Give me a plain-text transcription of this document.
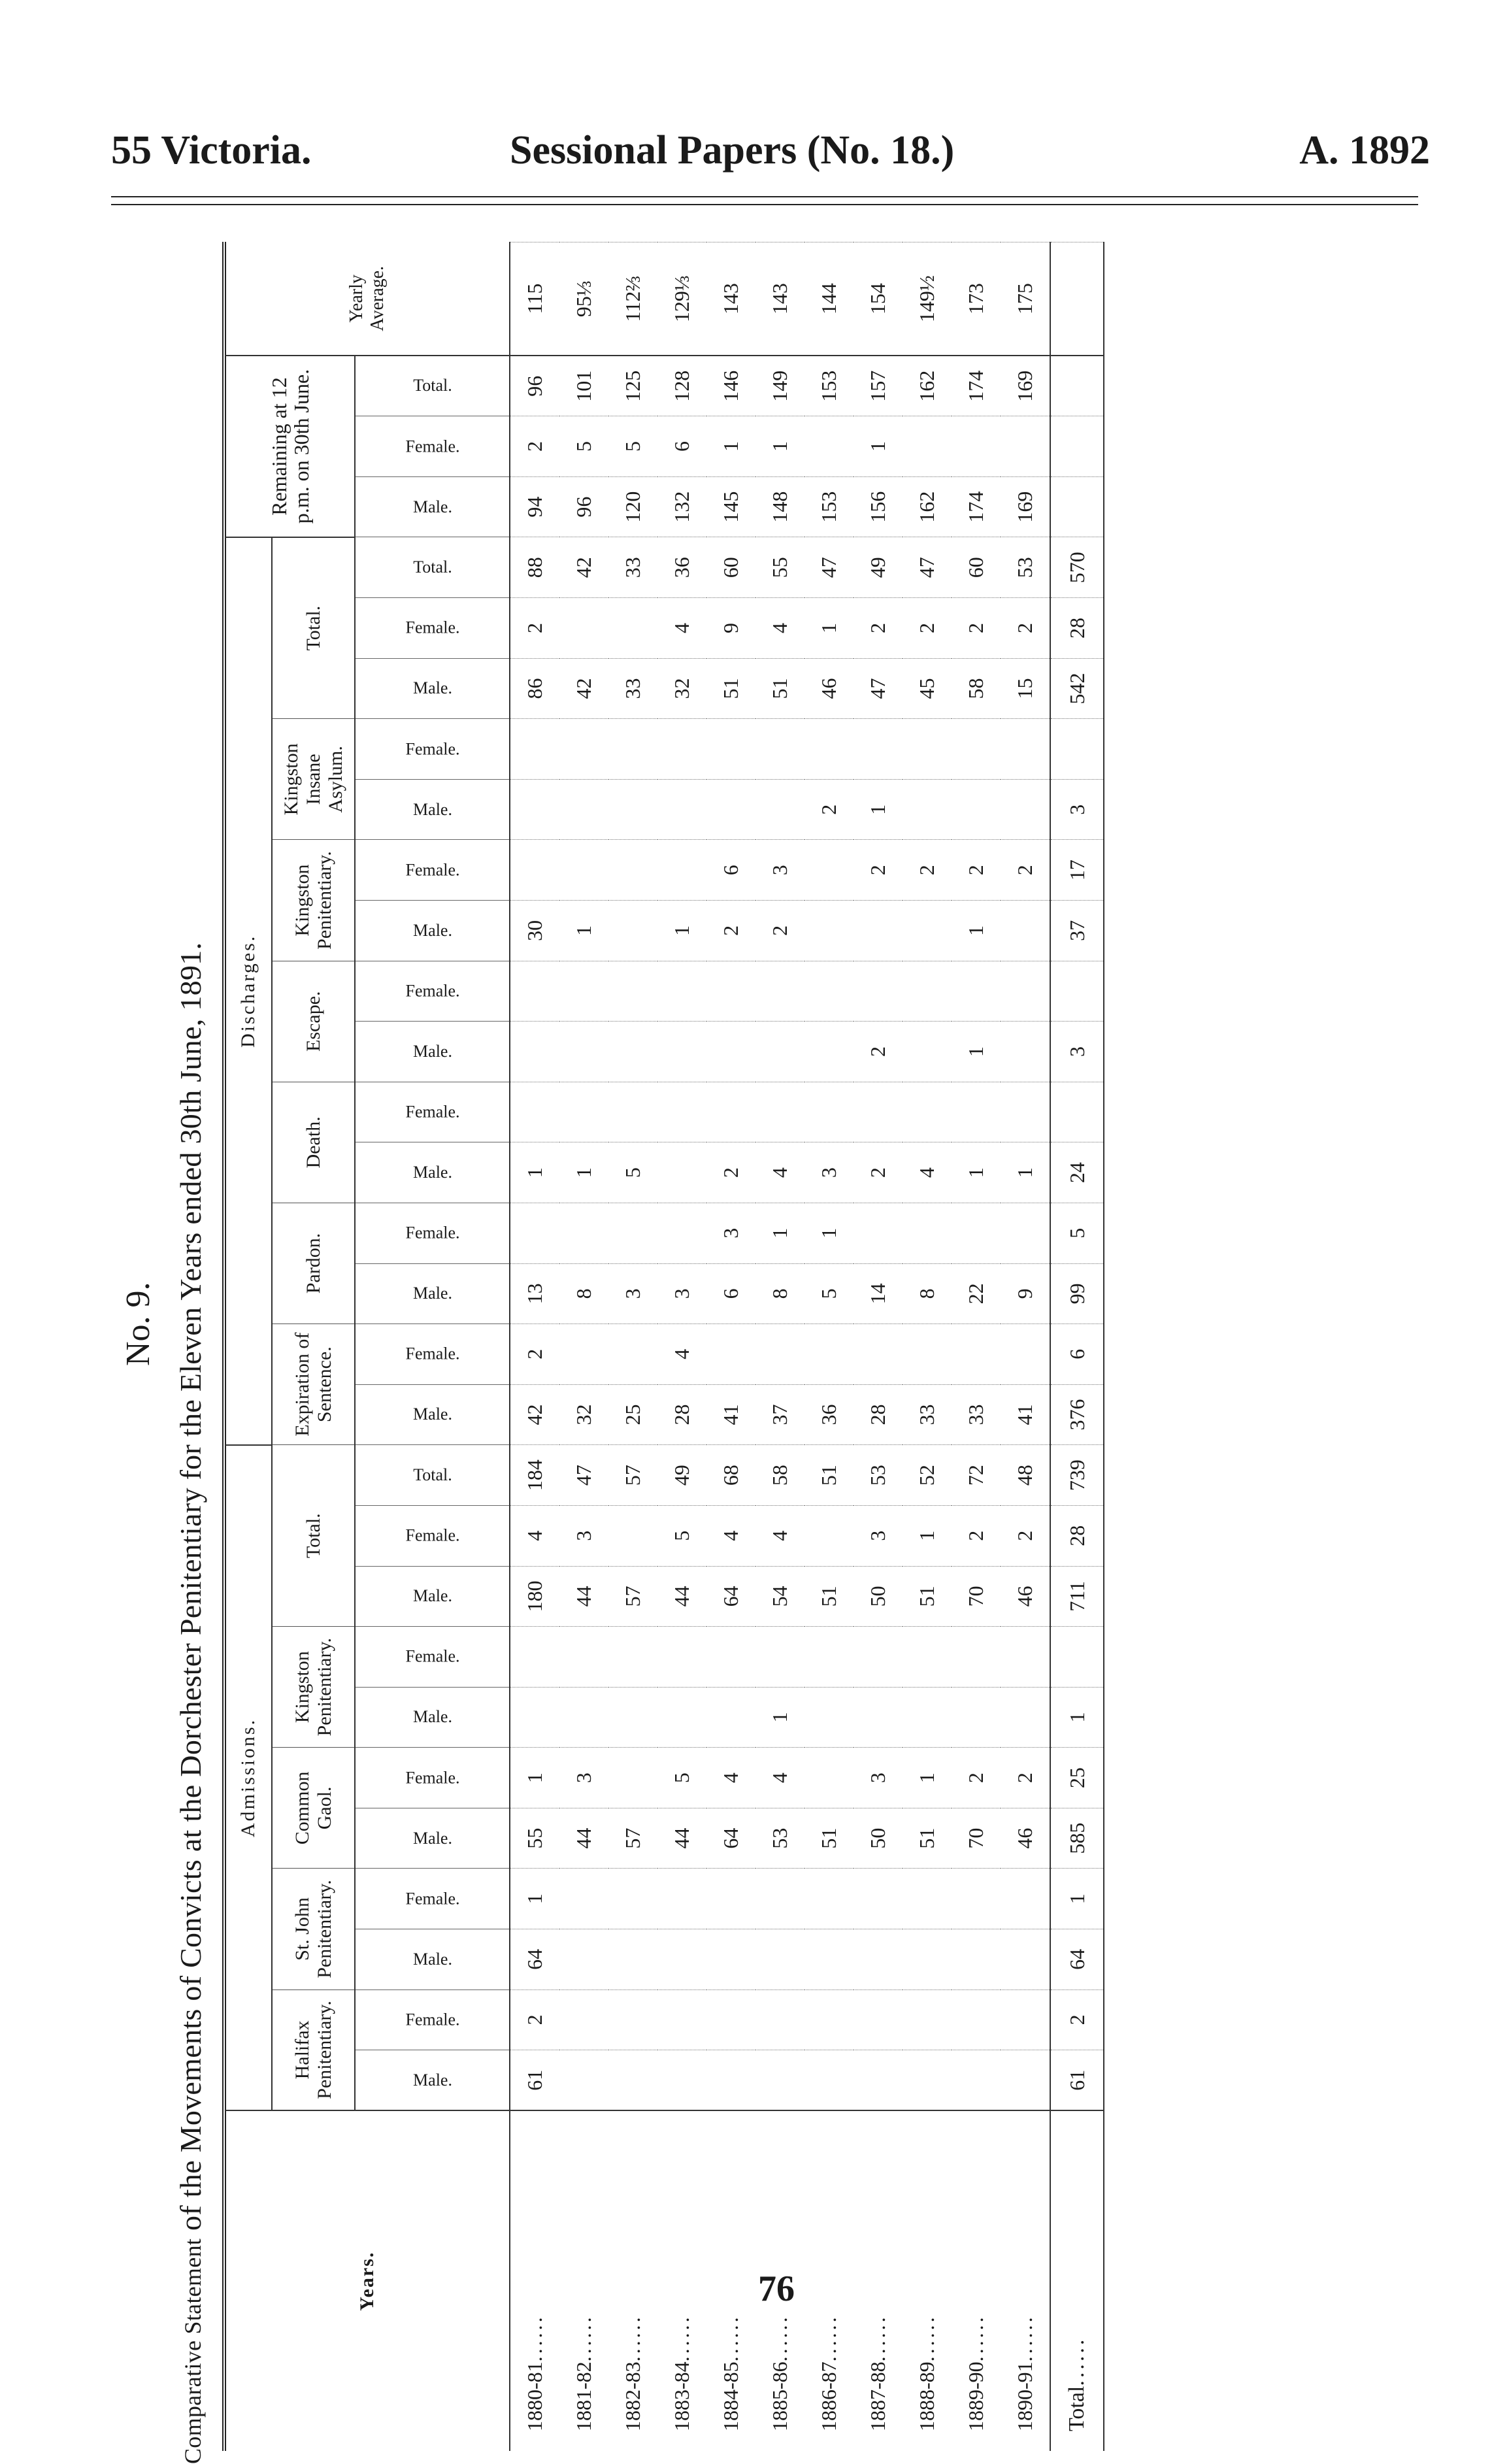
55 Victoria.	Sessional Papers (No. 18.)	A. 1892
No. 9.
Comparative Statement of the Movements of Convicts at the Dorchester Penitentiary for the Eleven Years ended 30th June, 1891.
Years.	Admissions.											Discharges.															Remaining at 12 p.m. on 30th June.			Yearly Average.
	Halifax Penitentiary.		St. John Penitentiary.		Common Gaol.		Kingston Penitentiary.		Total.			Expiration of Sentence.		Pardon.		Death.		Escape.		Kingston Penitentiary.		Kingston Insane Asylum.		Total.						
	Male.	Female.	Male.	Female.	Male.	Female.	Male.	Female.	Male.	Female.	Total.	Male.	Female.	Male.	Female.	Male.	Female.	Male.	Female.	Male.	Female.	Male.	Female.	Male.	Female.	Total.	Male.	Female.	Total.	
1880-81......	61	2	64	1	55	1			180	4	184	42	2	13		1				30				86	2	88	94	2	96	115
1881-82......					44	3			44	3	47	32		8		1				1				42		42	96	5	101	95⅓
1882-83......					57				57		57	25		3		5								33		33	120	5	125	112⅔
1883-84......					44	5			44	5	49	28	4	3						1				32	4	36	132	6	128	129⅓
1884-85......					64	4			64	4	68	41		6	3	2				2	6			51	9	60	145	1	146	143
1885-86......					53	4	1		54	4	58	37		8	1	4				2	3			51	4	55	148	1	149	143
1886-87......					51				51		51	36		5	1	3						2		46	1	47	153		153	144
1887-88......					50	3			50	3	53	28		14		2		2			2	1		47	2	49	156	1	157	154
1888-89......					51	1			51	1	52	33		8		4					2			45	2	47	162		162	149½
1889-90......					70	2			70	2	72	33		22		1		1		1	2			58	2	60	174		174	173
1890-91......					46	2			46	2	48	41		9		1					2			15	2	53	169		169	175
Total......	61	2	64	1	585	25	1		711	28	739	376	6	99	5	24		3		37	17	3		542	28	570				
76
